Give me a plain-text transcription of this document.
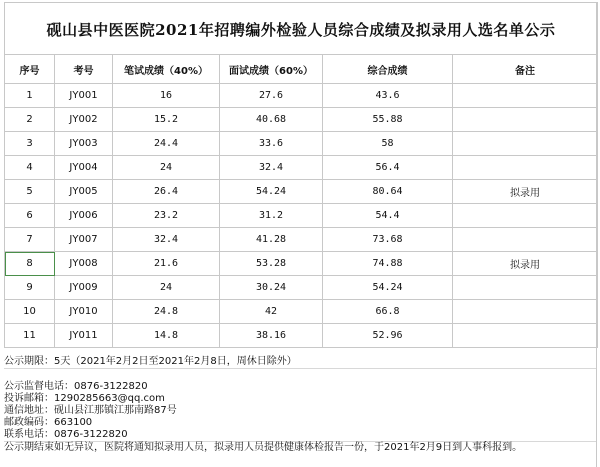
砚山县中医医院2021年招聘编外检验人员综合成绩及拟录用人选名单公示
序号	考号	笔试成绩（40%）	面试成绩（60%）	综合成绩	备注
1	JY001	16	27.6	43.6	
2	JY002	15.2	40.68	55.88	
3	JY003	24.4	33.6	58	
4	JY004	24	32.4	56.4	
5	JY005	26.4	54.24	80.64	拟录用
6	JY006	23.2	31.2	54.4	
7	JY007	32.4	41.28	73.68	
8	JY008	21.6	53.28	74.88	拟录用
9	JY009	24	30.24	54.24	
10	JY010	24.8	42	66.8	
11	JY011	14.8	38.16	52.96	
公示期限：5天（2021年2月2日至2021年2月8日，周休日除外）
公示监督电话：0876-3122820
投诉邮箱：1290285663@qq.com
通信地址：砚山县江那镇江那南路87号
邮政编码：663100
联系电话：0876-3122820
公示期结束如无异议，医院将通知拟录用人员，拟录用人员提供健康体检报告一份，于2021年2月9日到人事科报到。
